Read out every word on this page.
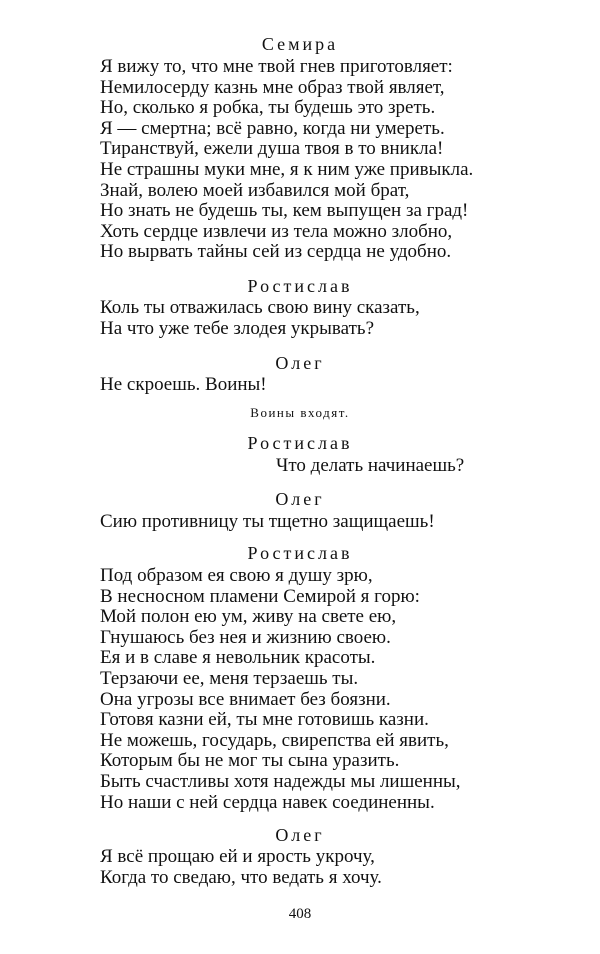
Семира
Я вижу то, что мне твой гнев приготовляет:
Немилосерду казнь мне образ твой являет,
Но, сколько я робка, ты будешь это зреть.
Я — смертна; всё равно, когда ни умереть.
Тиранствуй, ежели душа твоя в то вникла!
Не страшны муки мне, я к ним уже привыкла.
Знай, волею моей избавился мой брат,
Но знать не будешь ты, кем выпущен за град!
Хоть сердце извлечи из тела можно злобно,
Но вырвать тайны сей из сердца не удобно.
Ростислав
Коль ты отважилась свою вину сказать,
На что уже тебе злодея укрывать?
Олег
Не скроешь. Воины!
Воины входят.
Ростислав
Что делать начинаешь?
Олег
Сию противницу ты тщетно защищаешь!
Ростислав
Под образом ея свою я душу зрю,
В несносном пламени Семирой я горю:
Мой полон ею ум, живу на свете ею,
Гнушаюсь без нея и жизнию своею.
Ея и в славе я невольник красоты.
Терзаючи ее, меня терзаешь ты.
Она угрозы все внимает без боязни.
Готовя казни ей, ты мне готовишь казни.
Не можешь, государь, свирепства ей явить,
Которым бы не мог ты сына уразить.
Быть счастливы хотя надежды мы лишенны,
Но наши с ней сердца навек соединенны.
Олег
Я всё прощаю ей и ярость укрочу,
Когда то сведаю, что ведать я хочу.
408
